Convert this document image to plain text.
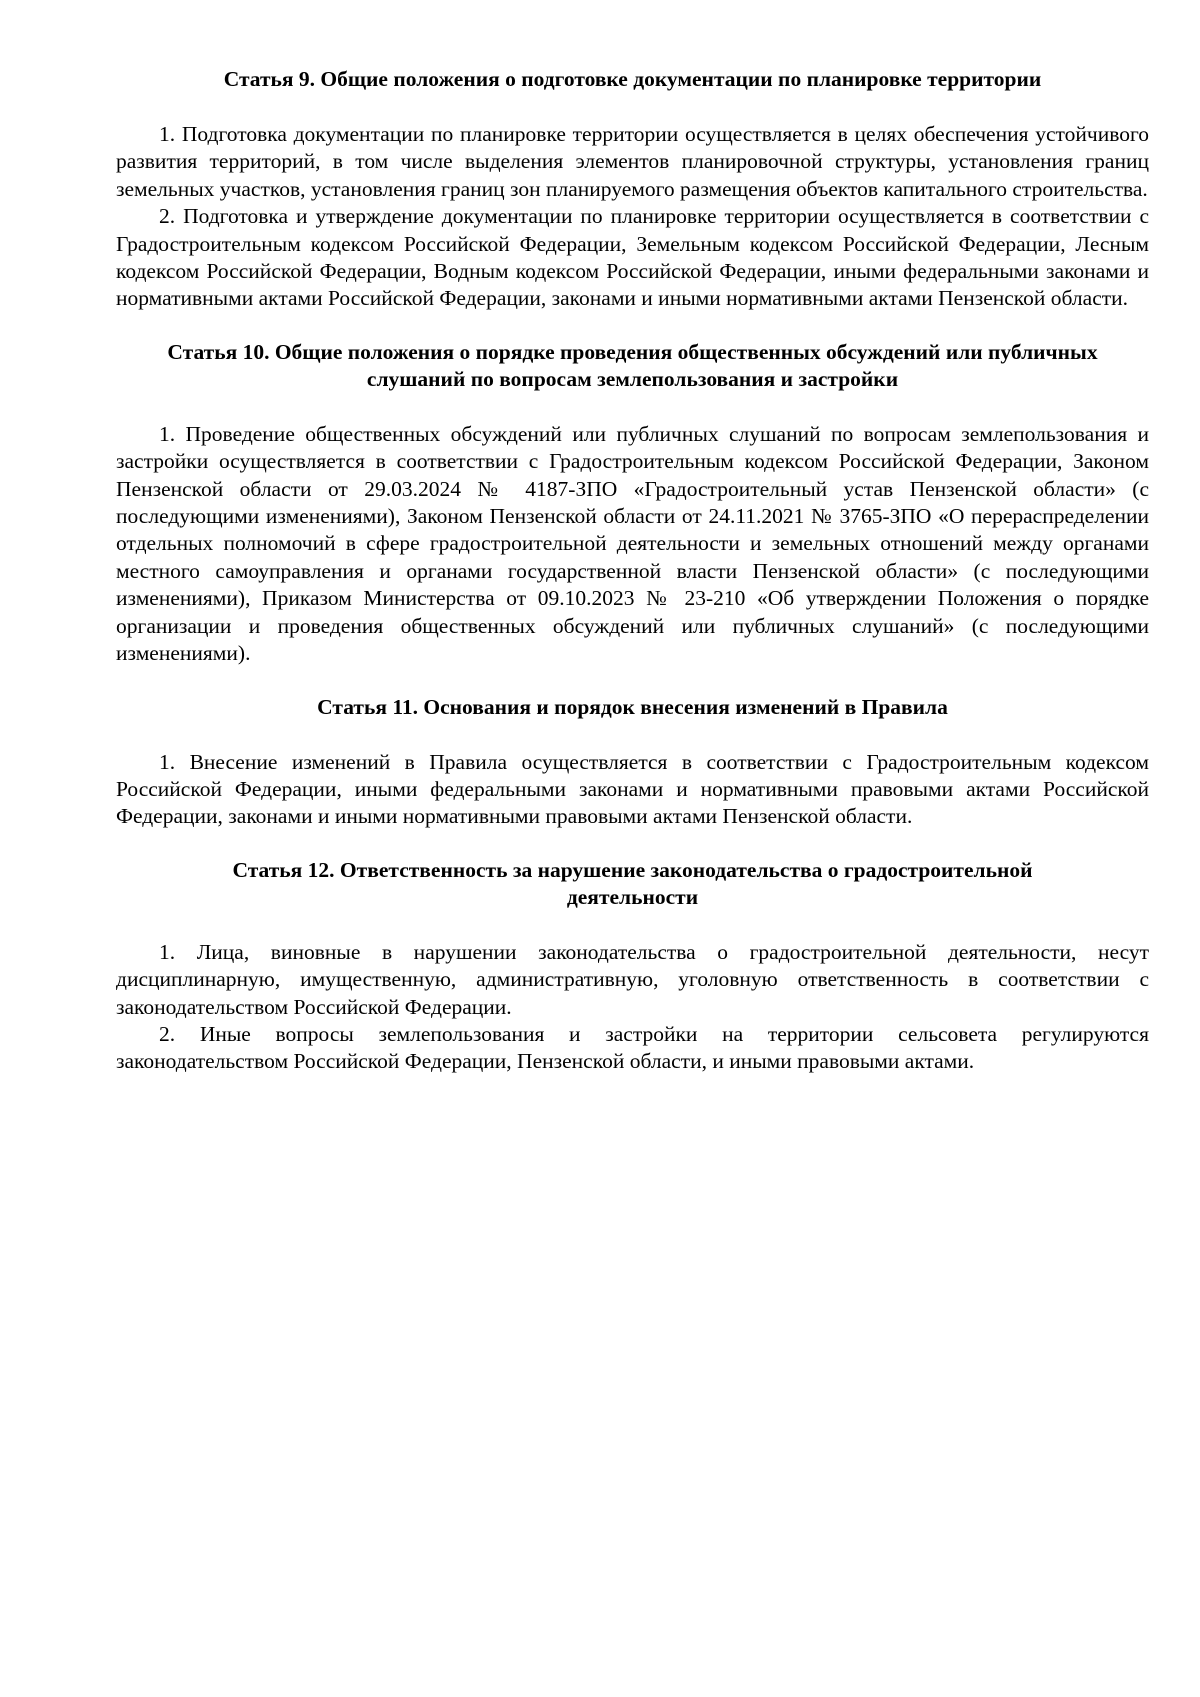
Статья 9. Общие положения о подготовке документации по планировке территории

1. Подготовка документации по планировке территории осуществляется в целях обеспечения устойчивого развития территорий, в том числе выделения элементов планировочной структуры, установления границ земельных участков, установления границ зон планируемого размещения объектов капитального строительства.

2. Подготовка и утверждение документации по планировке территории осуществляется в соответствии с Градостроительным кодексом Российской Федерации, Земельным кодексом Российской Федерации, Лесным кодексом Российской Федерации, Водным кодексом Российской Федерации, иными федеральными законами и нормативными актами Российской Федерации, законами и иными нормативными актами Пензенской области.

Статья 10. Общие положения о порядке проведения общественных обсуждений или публичных слушаний по вопросам землепользования и застройки

1. Проведение общественных обсуждений или публичных слушаний по вопросам землепользования и застройки осуществляется в соответствии с Градостроительным кодексом Российской Федерации, Законом Пензенской области от 29.03.2024 № 4187-ЗПО «Градостроительный устав Пензенской области» (с последующими изменениями), Законом Пензенской области от 24.11.2021 № 3765-ЗПО «О перераспределении отдельных полномочий в сфере градостроительной деятельности и земельных отношений между органами местного самоуправления и органами государственной власти Пензенской области» (с последующими изменениями), Приказом Министерства от 09.10.2023 № 23-210 «Об утверждении Положения о порядке организации и проведения общественных обсуждений или публичных слушаний» (с последующими изменениями).

Статья 11. Основания и порядок внесения изменений в Правила

1. Внесение изменений в Правила осуществляется в соответствии с Градостроительным кодексом Российской Федерации, иными федеральными законами и нормативными правовыми актами Российской Федерации, законами и иными нормативными правовыми актами Пензенской области.

Статья 12. Ответственность за нарушение законодательства о градостроительной деятельности

1. Лица, виновные в нарушении законодательства о градостроительной деятельности, несут дисциплинарную, имущественную, административную, уголовную ответственность в соответствии с законодательством Российской Федерации.

2. Иные вопросы землепользования и застройки на территории сельсовета регулируются законодательством Российской Федерации, Пензенской области, и иными правовыми актами.
